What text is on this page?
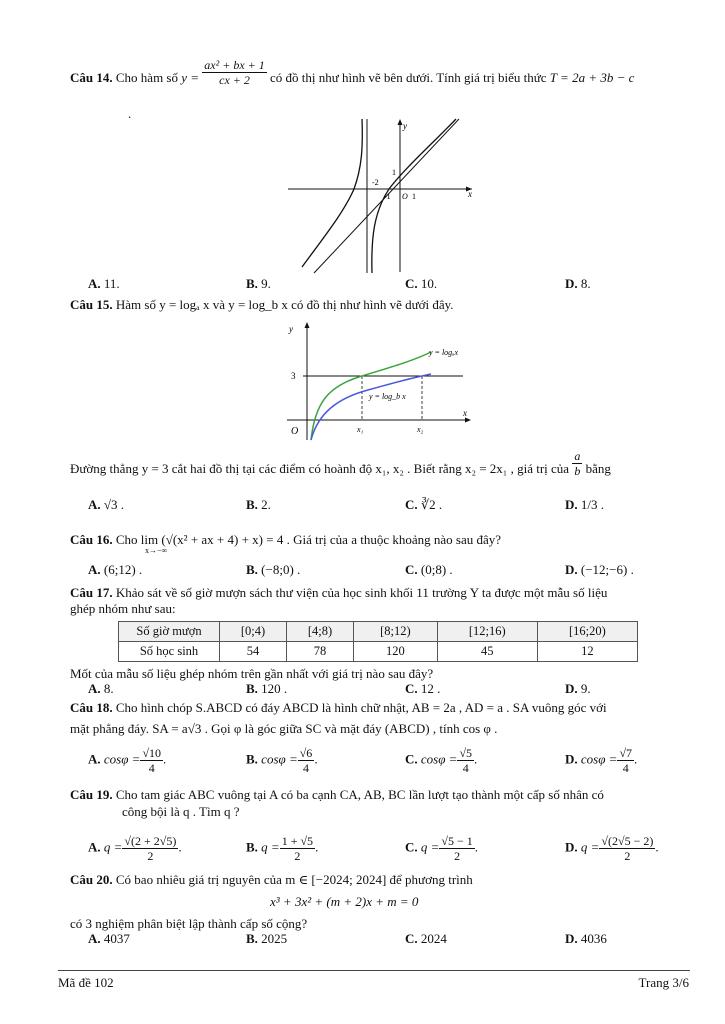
Câu 14. Cho hàm số $y = \frac{\text{ax² + bx + 1}}{cx + 2}$ có đồ thị như hình vẽ bên dưới. Tính giá trị biểu thức T = 2a + 3b − c
.
x
y
-2
1
-1 O 1
A. 11.	B. 9.	C. 10.	D. 8.
Câu 15. Hàm số y = logₐ x và y = log_b x có đồ thị như hình vẽ dưới đây.
y
x
3
O	x₁	x₂
y = log_b x
y = logₐx
Đường thẳng y = 3 cắt hai đồ thị tại các điểm có hoành độ x₁, x₂ . Biết rằng x₂ = 2x₁ , giá trị của $\frac{a}{b}$ bằng
A. √3 .	B. 2.	C. ∛2 .	D. 1/3 .
Câu 16. Cho lim (√(x² + ax + 4) + x) = 4 . Giá trị của a thuộc khoảng nào sau đây?
x→−∞
A. (6;12) .	B. (−8;0) .	C. (0;8) .	D. (−12;−6) .
Câu 17. Khảo sát về số giờ mượn sách thư viện của học sinh khối 11 trường Y ta được một mẫu số liệu
ghép nhóm như sau:
Số giờ mượn	[0;4)	[4;8)	[8;12)	[12;16)	[16;20)
Số học sinh	54	78	120	45	12
Mốt của mẫu số liệu ghép nhóm trên gần nhất với giá trị nào sau đây?
A. 8.	B. 120 .	C. 12 .	D. 9.
Câu 18. Cho hình chóp S.ABCD có đáy ABCD là hình chữ nhật, AB = 2a , AD = a . SA vuông góc với
mặt phẳng đáy. SA = a√3 . Gọi φ là góc giữa SC và mặt đáy (ABCD) , tính cos φ .
A. $\cos\varphi = \frac{√10}{4}$ .	B. $\cos\varphi = \frac{√6}{4}$ .	C. $\cos\varphi = \frac{√5}{4}$ .	D. $\cos\varphi = \frac{√7}{4}$ .
Câu 19. Cho tam giác ABC vuông tại A có ba cạnh CA, AB, BC lần lượt tạo thành một cấp số nhân có
công bội là q . Tìm q ?
A. $q = \frac{√(2 + 2√5)}{2}$ .	B. $q = \frac{1 + √5}{2}$ .	C. $q = \frac{√5 - 1}{2}$ .	D. $q = \frac{√(2√5 - 2)}{2}$ .
Câu 20. Có bao nhiêu giá trị nguyên của m ∈ [−2024; 2024] để phương trình
x³ + 3x² + (m + 2)x + m = 0
có 3 nghiệm phân biệt lập thành cấp số cộng?
A. 4037	B. 2025	C. 2024	D. 4036
Mã đề 102	Trang 3/6
